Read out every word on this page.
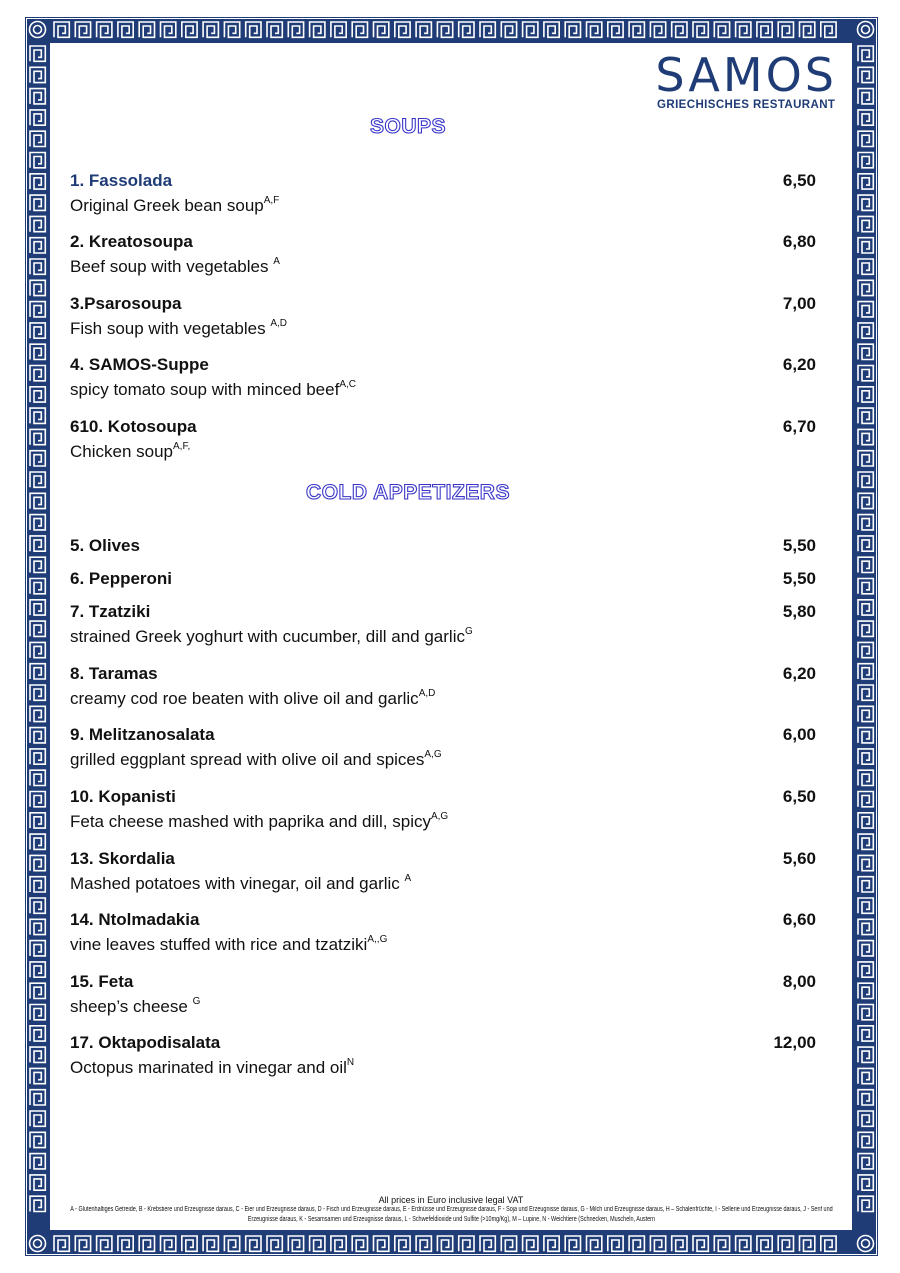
SAMOS
GRIECHISCHES RESTAURANT
SOUPS
1. Fassolada	6,50
Original Greek bean soup$^{A,F}$
2. Kreatosoupa	6,80
Beef soup with vegetables $^A$
3.Psarosoupa	7,00
Fish soup with vegetables $^{A,D}$
4. SAMOS-Suppe	6,20
spicy tomato soup with minced beef$^{A,C}$
610. Kotosoupa	6,70
Chicken soup$^{A,F,}$
COLD APPETIZERS
5. Olives	5,50
6. Pepperoni	5,50
7. Tzatziki	5,80
strained Greek yoghurt with cucumber, dill and garlic$^G$
8. Taramas	6,20
creamy cod roe beaten with olive oil and garlic$^{A,D}$
9. Melitzanosalata	6,00
grilled eggplant spread with olive oil and spices$^{A,G}$
10. Kopanisti	6,50
Feta cheese mashed with paprika and dill, spicy$^{A,G}$
13. Skordalia	5,60
Mashed potatoes with vinegar, oil and garlic $^A$
14. Ntolmadakia	6,60
vine leaves stuffed with rice and tzatziki$^{A,,G}$
15. Feta	8,00
sheep’s cheese $^G$
17. Oktapodisalata	12,00
Octopus marinated in vinegar and oil$^N$
All prices in Euro inclusive legal VAT
A - Glutenhaltiges Getreide, B - Krebstiere und Erzeugnisse daraus, C - Eier und Erzeugnisse daraus, D - Fisch und Erzeugnisse daraus, E - Erdnüsse und Erzeugnisse daraus, F - Soja und Erzeugnisse daraus, G - Milch und Erzeugnisse daraus, H – Schalenfrüchte, I - Sellerie und Erzeugnisse daraus, J - Senf und Erzeugnisse daraus, K - Sesamsamen und Erzeugnisse daraus, L - Schwefeldioxide und Sulfite (>10mg/Kg), M – Lupine, N - Weichtiere (Schnecken, Muscheln, Austern
